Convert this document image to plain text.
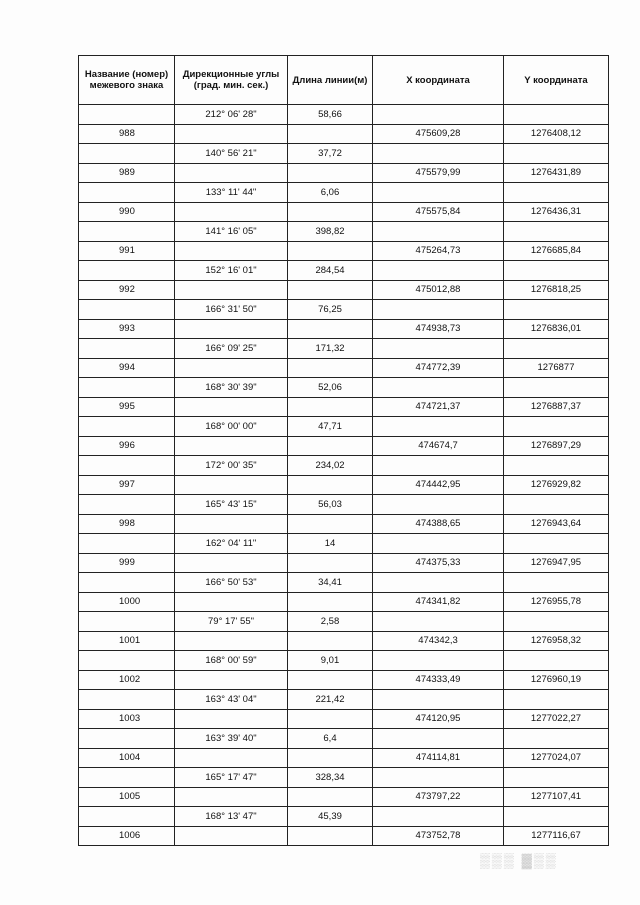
Название (номер) межевого знака	Дирекционные углы (град. мин. сек.)	Длина линии(м)	X координата	Y координата
	212° 06' 28"	58,66		
988			475609,28	1276408,12
	140° 56' 21"	37,72		
989			475579,99	1276431,89
	133° 11' 44"	6,06		
990			475575,84	1276436,31
	141° 16' 05"	398,82		
991			475264,73	1276685,84
	152° 16' 01"	284,54		
992			475012,88	1276818,25
	166° 31' 50"	76,25		
993			474938,73	1276836,01
	166° 09' 25"	171,32		
994			474772,39	1276877
	168° 30' 39"	52,06		
995			474721,37	1276887,37
	168° 00' 00"	47,71		
996			474674,7	1276897,29
	172° 00' 35"	234,02		
997			474442,95	1276929,82
	165° 43' 15"	56,03		
998			474388,65	1276943,64
	162° 04' 11"	14		
999			474375,33	1276947,95
	166° 50' 53"	34,41		
1000			474341,82	1276955,78
	79° 17' 55"	2,58		
1001			474342,3	1276958,32
	168° 00' 59"	9,01		
1002			474333,49	1276960,19
	163° 43' 04"	221,42		
1003			474120,95	1277022,27
	163° 39' 40"	6,4		
1004			474114,81	1277024,07
	165° 17' 47"	328,34		
1005			473797,22	1277107,41
	168° 13' 47"	45,39		
1006			473752,78	1277116,67
▒▒▒ ▓▒▒
